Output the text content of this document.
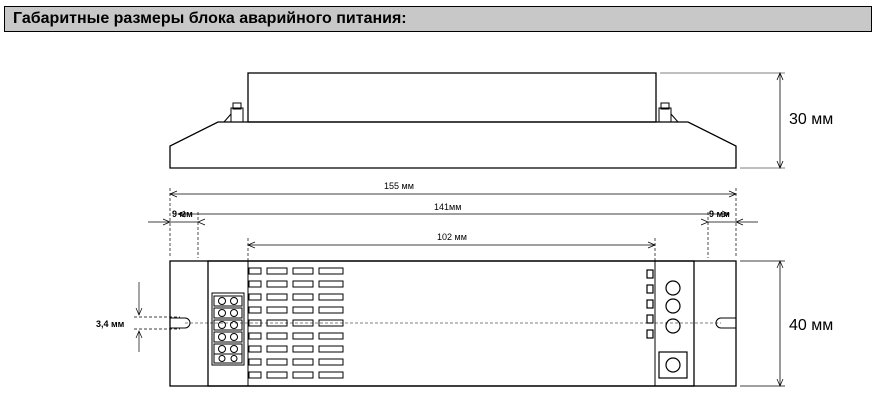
Габаритные размеры блока аварийного питания:
30 мм
155 мм
141мм
102 мм
9 мм	9 мм
3,4 мм	40 мм
